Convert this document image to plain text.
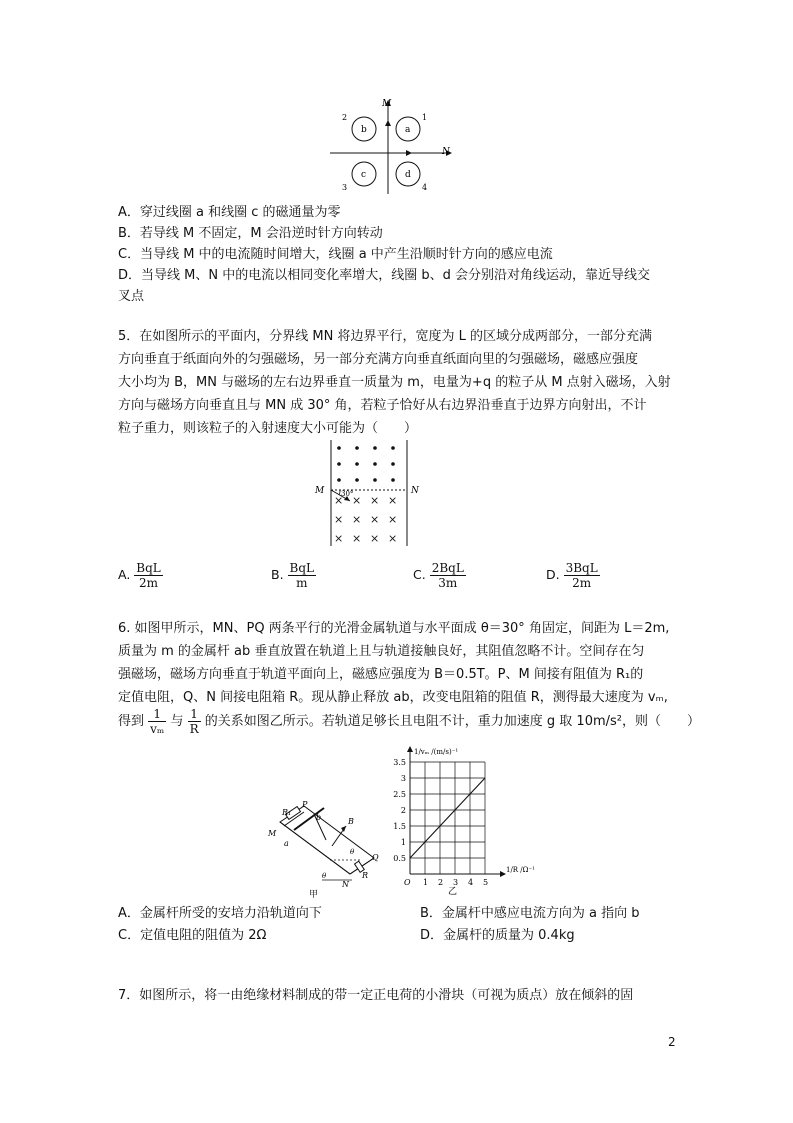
M
N
1
2
3	4
a
b
c	d
A．穿过线圈 a 和线圈 c 的磁通量为零
B．若导线 M 不固定，M 会沿逆时针方向转动
C．当导线 M 中的电流随时间增大，线圈 a 中产生沿顺时针方向的感应电流
D．当导线 M、N 中的电流以相同变化率增大，线圈 b、d 会分别沿对角线运动，靠近导线交
叉点
5．在如图所示的平面内，分界线 MN 将边界平行，宽度为 L 的区域分成两部分，一部分充满
方向垂直于纸面向外的匀强磁场，另一部分充满方向垂直纸面向里的匀强磁场，磁感应强度
大小均为 B，MN 与磁场的左右边界垂直一质量为 m，电量为+q 的粒子从 M 点射入磁场，入射
方向与磁场方向垂直且与 MN 成 30° 角，若粒子恰好从右边界沿垂直于边界方向射出，不计
粒子重力，则该粒子的入射速度大小可能为（　　）
× × × ×
× × × ×
× × × ×
M	N
30°
A. $\frac{\text{BqL}}{2m}$	B. $\frac{\text{BqL}}{m}$	C. $\frac{\text{2BqL}}{3m}$	D. $\frac{\text{3BqL}}{2m}$
6. 如图甲所示，MN、PQ 两条平行的光滑金属轨道与水平面成 θ＝30° 角固定，间距为 L＝2m,
质量为 m 的金属杆 ab 垂直放置在轨道上且与轨道接触良好，其阻值忽略不计。空间存在匀
强磁场，磁场方向垂直于轨道平面向上，磁感应强度为 B＝0.5T。P、M 间接有阻值为 R₁的
定值电阻，Q、N 间接电阻箱 R。现从静止释放 ab，改变电阻箱的阻值 R，测得最大速度为 vₘ,
得到 $\frac{1}{\text{vₘ}}$ 与 $\frac{1}{R}$ 的关系如图乙所示。若轨道足够长且电阻不计，重力加速度 g 取 10m/s²，则（　　）
R₁
P
b
M
a
θ
Q
R
θ
N
B
甲
0.5
1
1.5
2
2.5
3
3.5
O 1 2 3 4 5
1/vₘ /(m/s)⁻¹
1/R /Ω⁻¹
乙
A．金属杆所受的安培力沿轨道向下	B．金属杆中感应电流方向为 a 指向 b
C．定值电阻的阻值为 2Ω	D．金属杆的质量为 0.4kg
7．如图所示，将一由绝缘材料制成的带一定正电荷的小滑块（可视为质点）放在倾斜的固
2
